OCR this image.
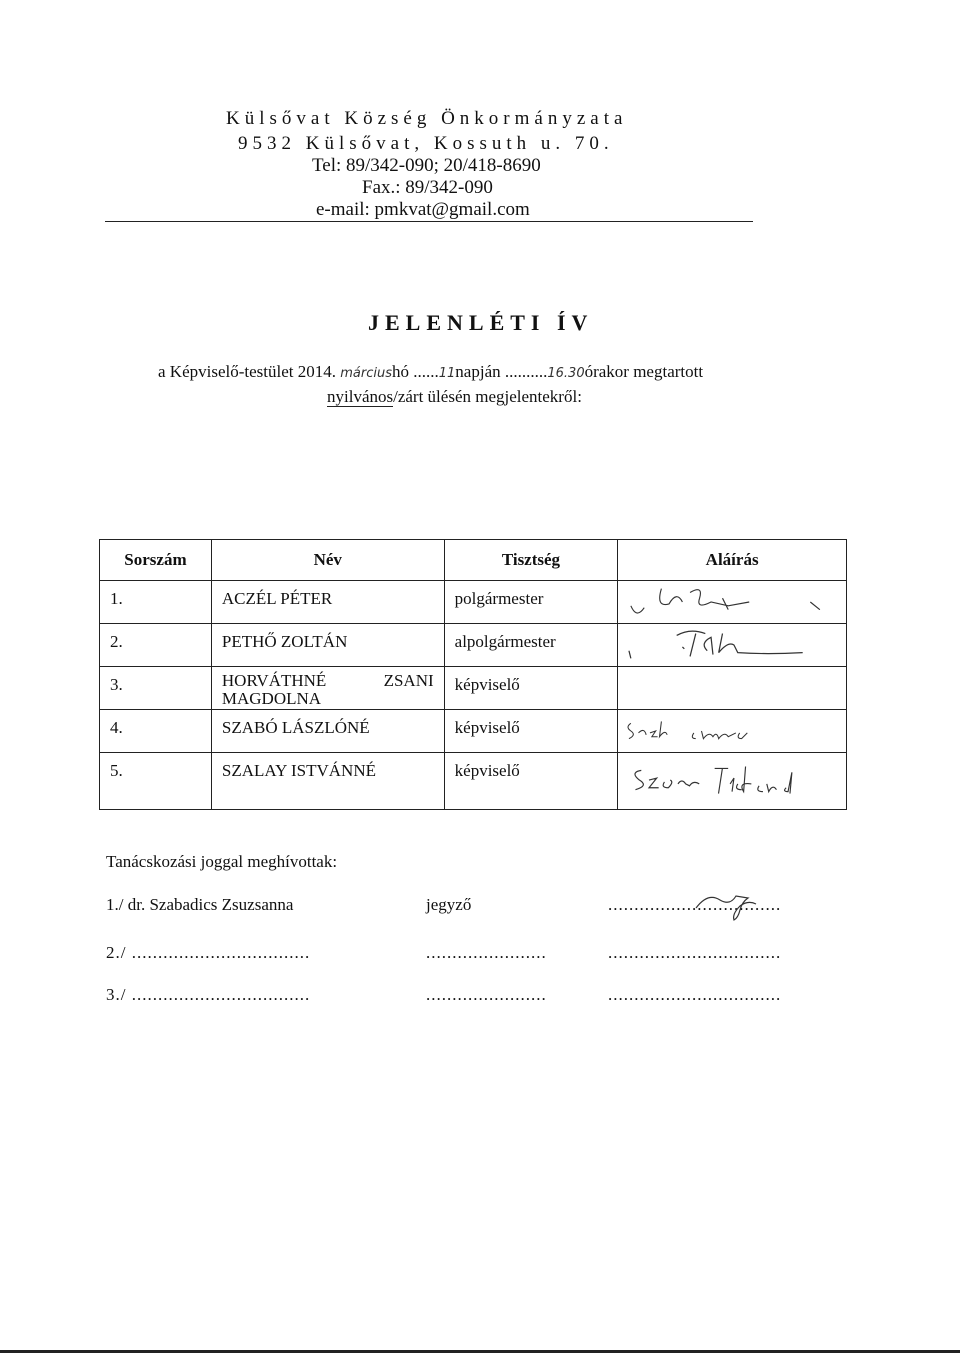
Külsővat Község Önkormányzata
9532 Külsővat, Kossuth u. 70.
Tel: 89/342-090; 20/418-8690
Fax.: 89/342-090
e-mail: pmkvat@gmail.com
JELENLÉTI ÍV
a Képviselő-testület 2014. márciushó ......11napján ..........16.30órakor megtartott
nyilvános/zárt ülésén megjelentekről:
Sorszám	Név	Tisztség	Aláírás

1.	ACZÉL PÉTER	polgármester

2.	PETHŐ ZOLTÁN	alpolgármester

3.	HORVÁTHNÉ ZSANI
MAGDOLNA	képviselő	

4.	SZABÓ LÁSZLÓNÉ	képviselő

5.	SZALAY ISTVÁNNÉ	képviselő

Tanácskozási joggal meghívottak:
1./ dr. Szabadics Zsuzsanna	jegyző	.................................
2./ ..................................	.......................	.................................
3./ ..................................	.......................	.................................
